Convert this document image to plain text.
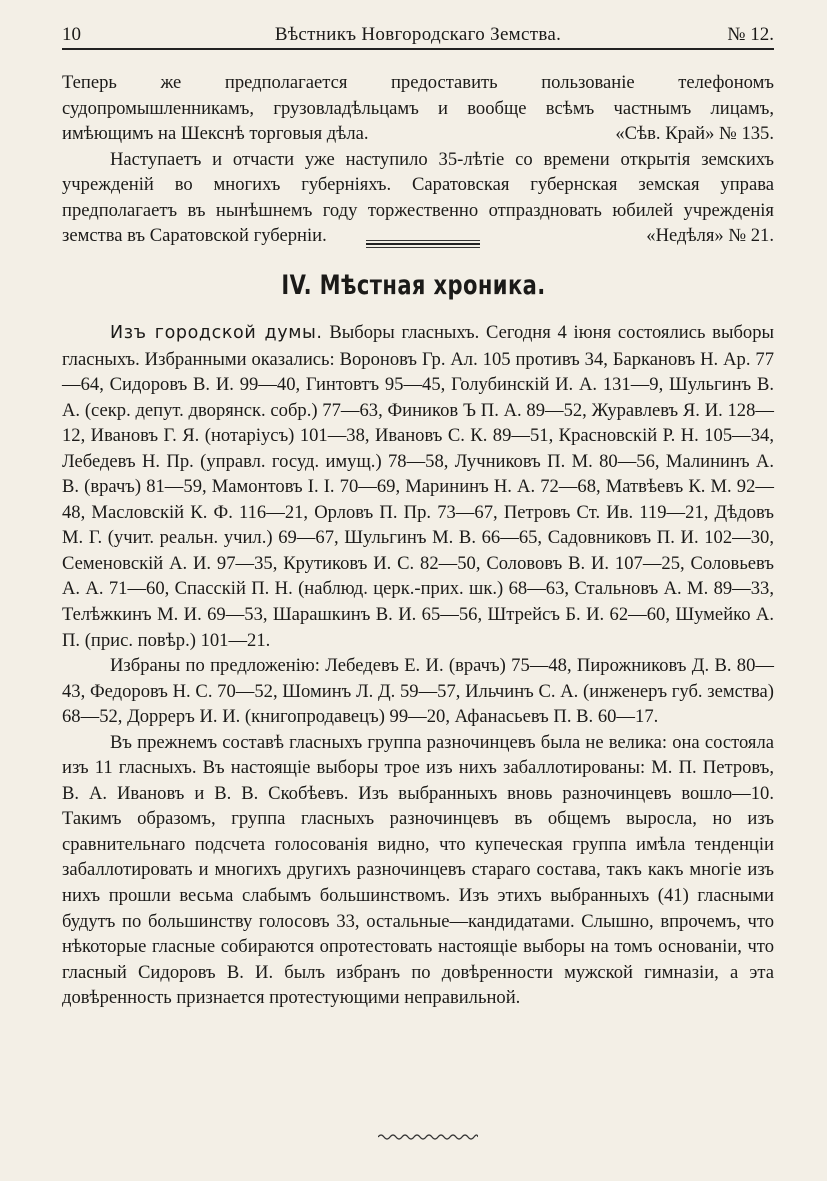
10	Вѣстникъ Новгородскаго Земства.	№ 12.

Теперь же предполагается предоставить пользованіе телефономъ судопромышленникамъ, грузовладѣльцамъ и вообще всѣмъ частнымъ лицамъ, имѣющимъ на Шекснѣ торговыя дѣла.	«Сѣв. Край» № 135.

Наступаетъ и отчасти уже наступило 35-лѣтіе со времени открытія земскихъ учрежденій во многихъ губерніяхъ. Саратовская губернская земская управа предполагаетъ въ нынѣшнемъ году торжественно отпраздновать юбилей учрежденія земства въ Саратовской губерніи.	«Недѣля» № 21.

IV. Мѣстная хроника.

Изъ городской думы. Выборы гласныхъ. Сегодня 4 іюня состоялись выборы гласныхъ. Избранными оказались: Вороновъ Гр. Ал. 105 противъ 34, Баркановъ Н. Ар. 77—64, Сидоровъ В. И. 99—40, Гинтовтъ 95—45, Голубинскій И. А. 131—9, Шульгинъ В. А. (секр. депут. дворянск. собр.) 77—63, Фиников Ъ П. А. 89—52, Журавлевъ Я. И. 128—12, Ивановъ Г. Я. (нотаріусъ) 101—38, Ивановъ С. К. 89—51, Красновскій Р. Н. 105—34, Лебедевъ Н. Пр. (управл. госуд. имущ.) 78—58, Лучниковъ П. М. 80—56, Малининъ А. В. (врачъ) 81—59, Мамонтовъ I. I. 70—69, Марининъ Н. А. 72—68, Матвѣевъ К. М. 92—48, Масловскій К. Ф. 116—21, Орловъ П. Пр. 73—67, Петровъ Ст. Ив. 119—21, Дѣдовъ М. Г. (учит. реальн. учил.) 69—67, Шульгинъ М. В. 66—65, Садовниковъ П. И. 102—30, Семеновскій А. И. 97—35, Крутиковъ И. С. 82—50, Солововъ В. И. 107—25, Соловьевъ А. А. 71—60, Спасскій П. Н. (наблюд. церк.-прих. шк.) 68—63, Стальновъ А. М. 89—33, Телѣжкинъ М. И. 69—53, Шарашкинъ В. И. 65—56, Штрейсъ Б. И. 62—60, Шумейко А. П. (прис. повѣр.) 101—21.

Избраны по предложенію: Лебедевъ Е. И. (врачъ) 75—48, Пирожниковъ Д. В. 80—43, Федоровъ Н. С. 70—52, Шоминъ Л. Д. 59—57, Ильчинъ С. А. (инженеръ губ. земства) 68—52, Дорреръ И. И. (книгопродавецъ) 99—20, Афанасьевъ П. В. 60—17.

Въ прежнемъ составѣ гласныхъ группа разночинцевъ была не велика: она состояла изъ 11 гласныхъ. Въ настоящіе выборы трое изъ нихъ забаллотированы: М. П. Петровъ, В. А. Ивановъ и В. В. Скобѣевъ. Изъ выбранныхъ вновь разночинцевъ вошло—10. Такимъ образомъ, группа гласныхъ разночинцевъ въ общемъ выросла, но изъ сравнительнаго подсчета голосованія видно, что купеческая группа имѣла тенденціи забаллотировать и многихъ другихъ разночинцевъ стараго состава, такъ какъ многіе изъ нихъ прошли весьма слабымъ большинствомъ. Изъ этихъ выбранныхъ (41) гласными будутъ по большинству голосовъ 33, остальные—кандидатами. Слышно, впрочемъ, что нѣкоторые гласные собираются опротестовать настоящіе выборы на томъ основаніи, что гласный Сидоровъ В. И. былъ избранъ по довѣренности мужской гимназіи, а эта довѣренность признается протестующими неправильной.
